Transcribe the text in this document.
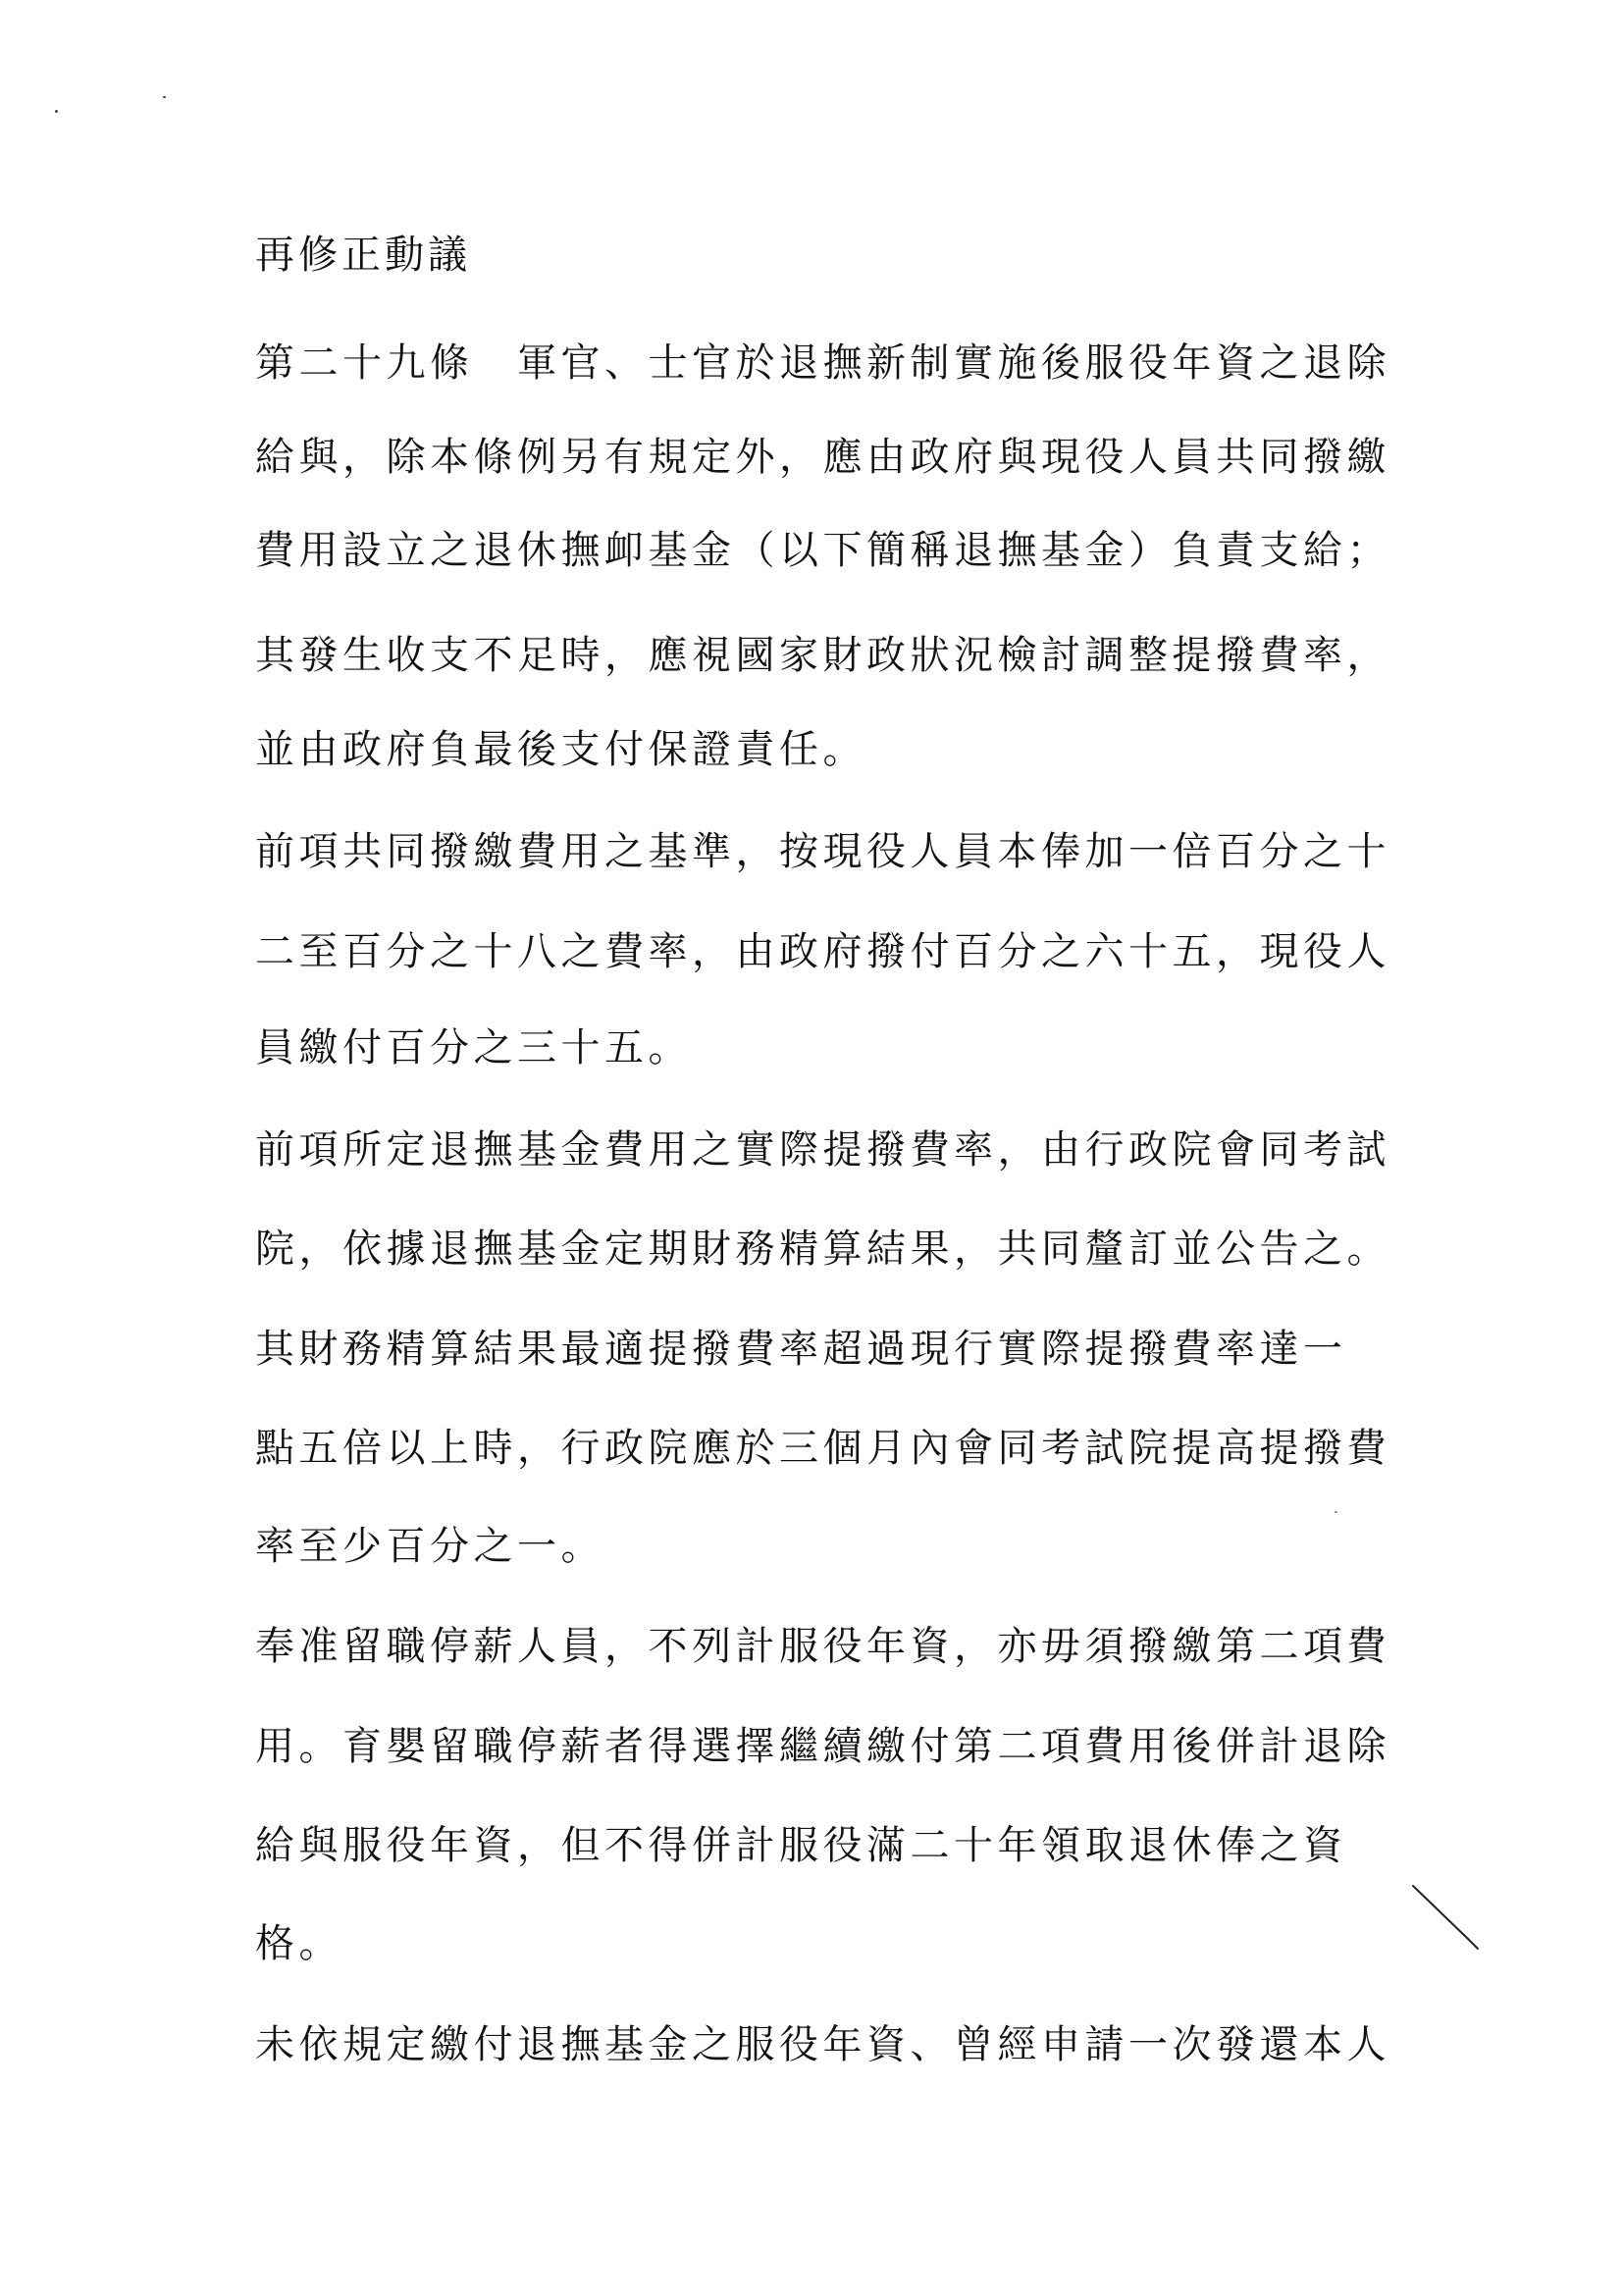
再修正動議
第二十九條　軍官、士官於退撫新制實施後服役年資之退除
給與，除本條例另有規定外，應由政府與現役人員共同撥繳
費用設立之退休撫卹基金（以下簡稱退撫基金）負責支給；
其發生收支不足時，應視國家財政狀況檢討調整提撥費率，
並由政府負最後支付保證責任。
前項共同撥繳費用之基準，按現役人員本俸加一倍百分之十
二至百分之十八之費率，由政府撥付百分之六十五，現役人
員繳付百分之三十五。
前項所定退撫基金費用之實際提撥費率，由行政院會同考試
院，依據退撫基金定期財務精算結果，共同釐訂並公告之。
其財務精算結果最適提撥費率超過現行實際提撥費率達一
點五倍以上時，行政院應於三個月內會同考試院提高提撥費
率至少百分之一。
奉准留職停薪人員，不列計服役年資，亦毋須撥繳第二項費
用。育嬰留職停薪者得選擇繼續繳付第二項費用後併計退除
給與服役年資，但不得併計服役滿二十年領取退休俸之資
格。
未依規定繳付退撫基金之服役年資、曾經申請一次發還本人
